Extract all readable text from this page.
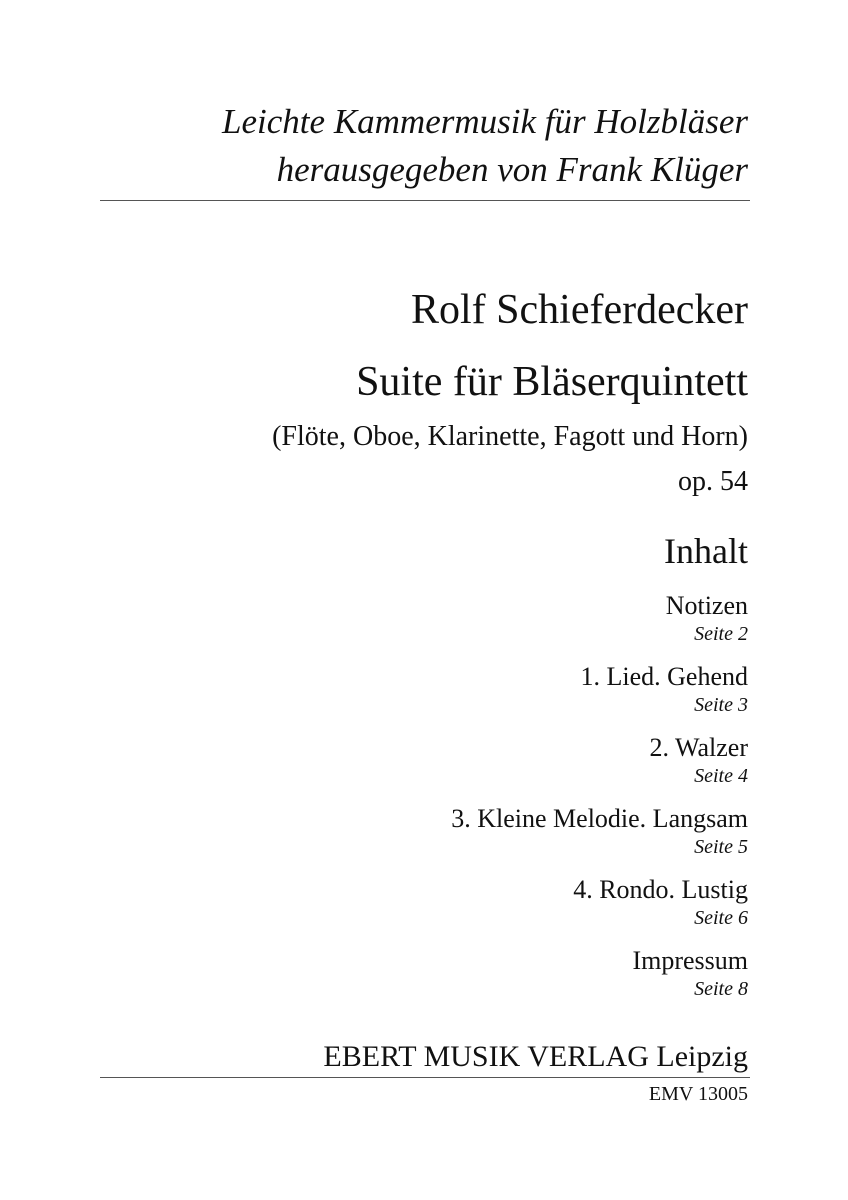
Leichte Kammermusik für Holzbläser
herausgegeben von Frank Klüger
Rolf Schieferdecker
Suite für Bläserquintett
(Flöte, Oboe, Klarinette, Fagott und Horn)
op. 54
Inhalt
Notizen
Seite 2
1. Lied. Gehend
Seite 3
2. Walzer
Seite 4
3. Kleine Melodie. Langsam
Seite 5
4. Rondo. Lustig
Seite 6
Impressum
Seite 8
EBERT MUSIK VERLAG Leipzig
EMV 13005
